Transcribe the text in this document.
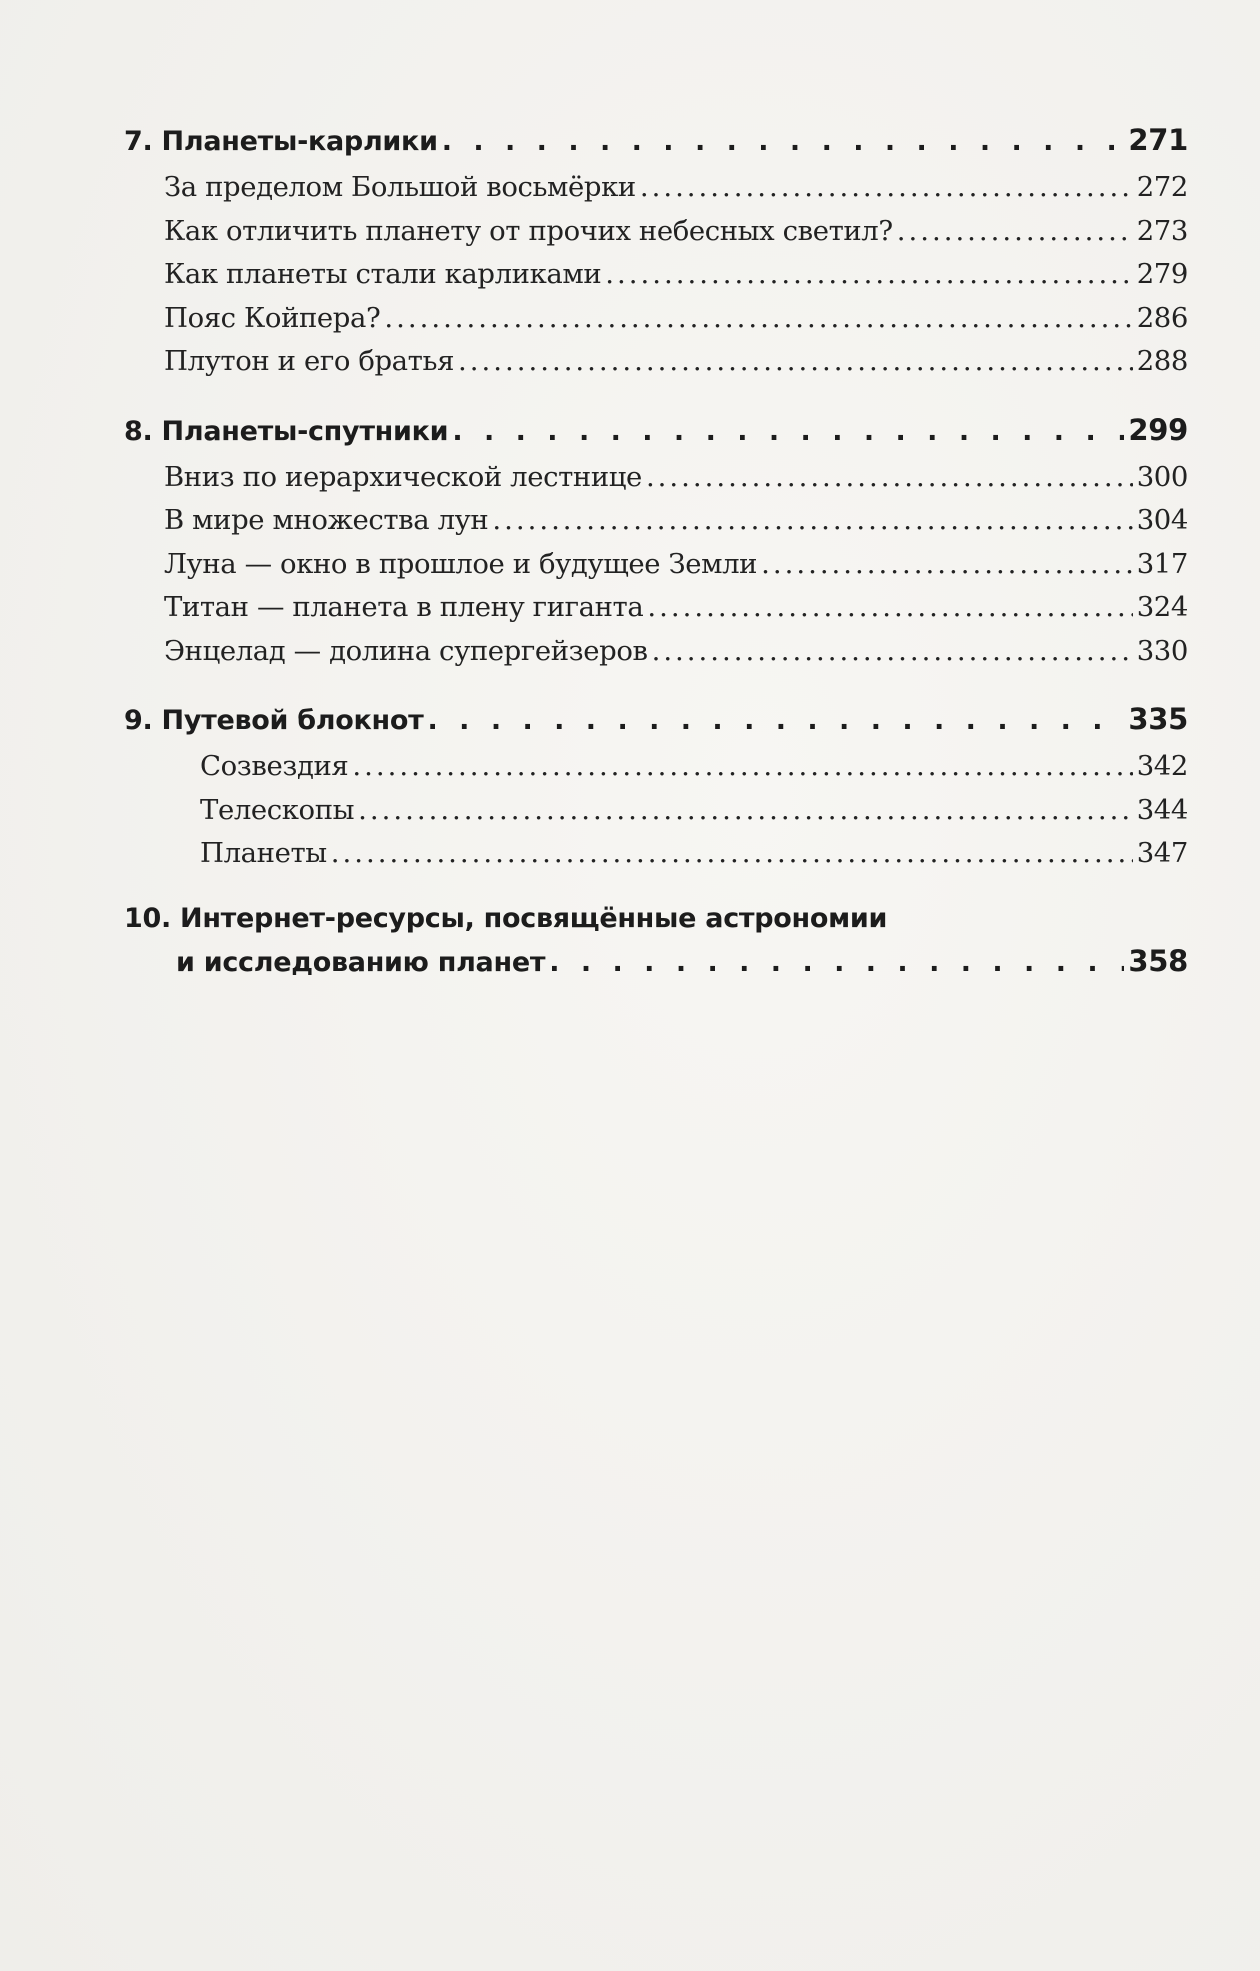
7. Планеты-карлики . . .	271
За пределом Большой восьмёрки .....	272
Как отличить планету от прочих небесных светил? .....	273
Как планеты стали карликами .....	279
Пояс Койпера? .....	286
Плутон и его братья .....	288
8. Планеты-спутники . . .	299
Вниз по иерархической лестнице .....	300
В мире множества лун .....	304
Луна — окно в прошлое и будущее Земли .....	317
Титан — планета в плену гиганта .....	324
Энцелад — долина супергейзеров .....	330
9. Путевой блокнот . . .	335
Созвездия .....	342
Телескопы .....	344
Планеты .....	347
10. Интернет-ресурсы, посвящённые астрономии
и исследованию планет . . .	358
